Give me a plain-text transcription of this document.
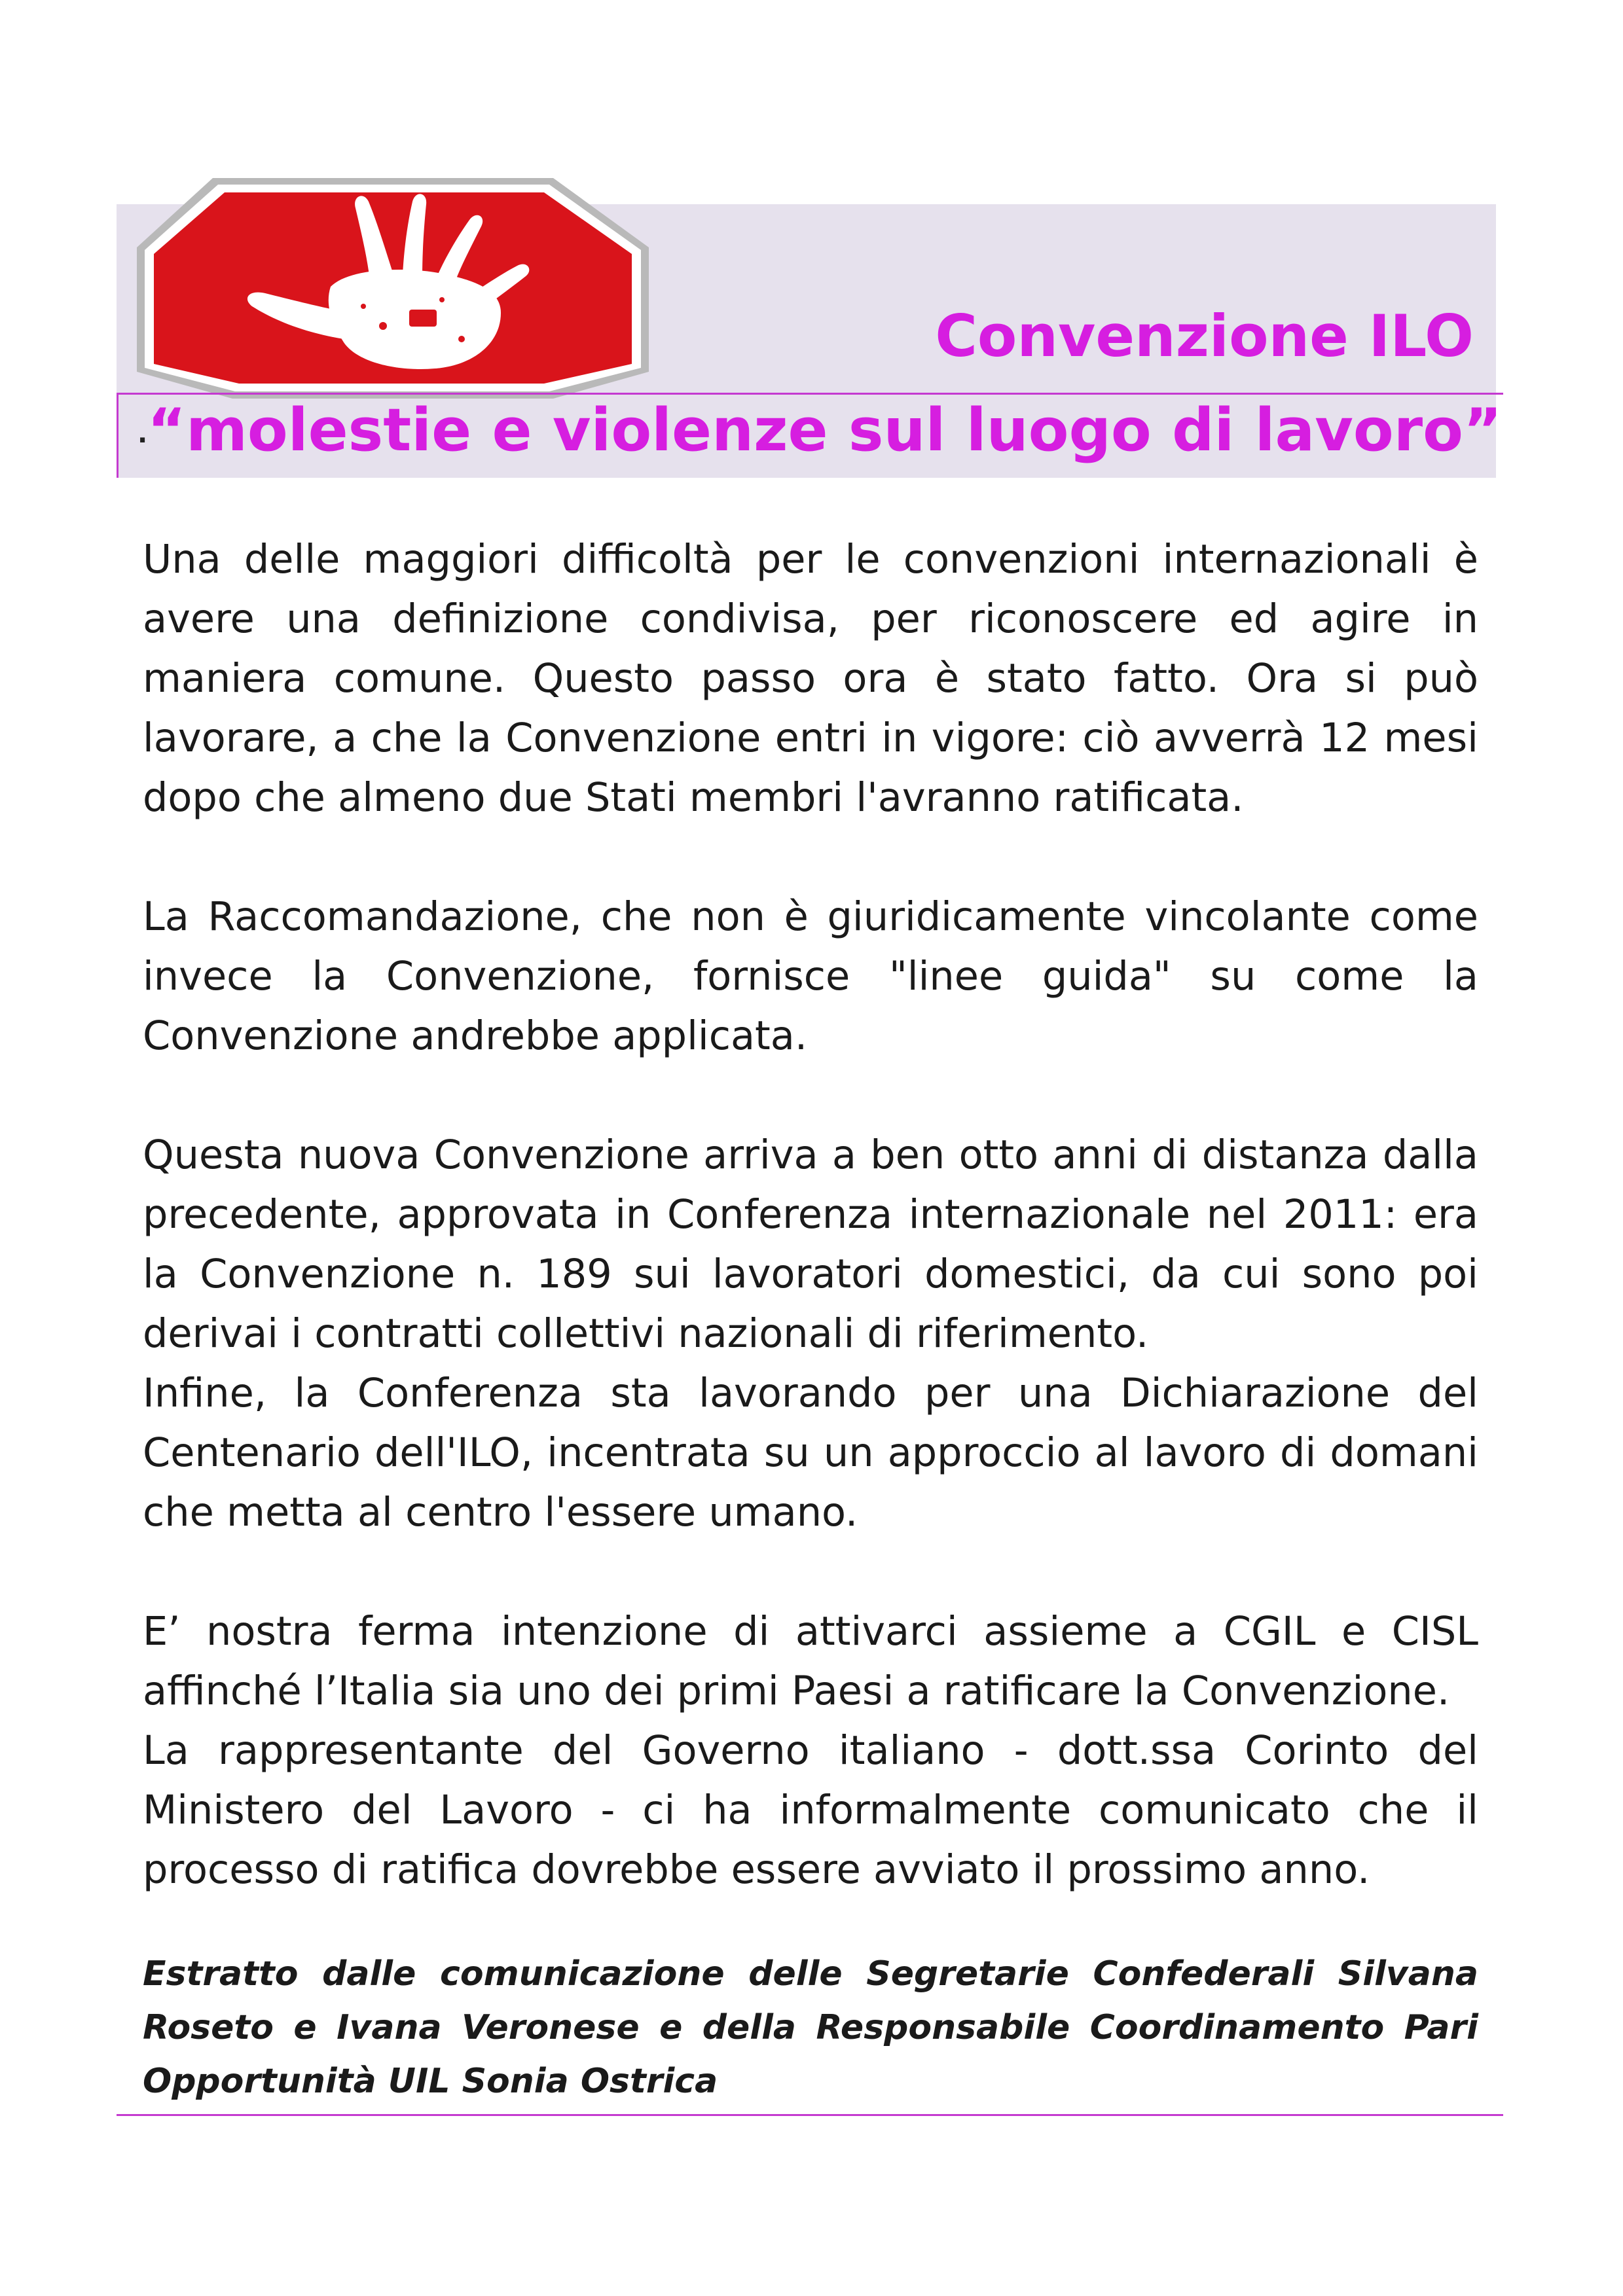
Convenzione ILO
. “molestie e violenze sul luogo di lavoro”

Una delle maggiori difficoltà per le convenzioni internazionali è avere una definizione condivisa, per riconoscere ed agire in maniera comune. Questo passo ora è stato fatto. Ora si può lavorare, a che la Convenzione entri in vigore: ciò avverrà 12 mesi dopo che almeno due Stati membri l'avranno ratificata.

La Raccomandazione, che non è giuridicamente vincolante come invece la Convenzione, fornisce "linee guida" su come la Convenzione andrebbe applicata.

Questa nuova Convenzione arriva a ben otto anni di distanza dalla precedente, approvata in Conferenza internazionale nel 2011: era la Convenzione n. 189 sui lavoratori domestici, da cui sono poi derivai i contratti collettivi nazionali di riferimento.

Infine, la Conferenza sta lavorando per una Dichiarazione del Centenario dell'ILO, incentrata su un approccio al lavoro di domani che metta al centro l'essere umano.

E’ nostra ferma intenzione di attivarci assieme a CGIL e CISL affinché l’Italia sia uno dei primi Paesi a ratificare la Convenzione.

La rappresentante del Governo italiano - dott.ssa Corinto del Ministero del Lavoro - ci ha informalmente comunicato che il processo di ratifica dovrebbe essere avviato il prossimo anno.

Estratto dalle comunicazione delle Segretarie Confederali Silvana Roseto e Ivana Veronese e della Responsabile Coordinamento Pari Opportunità UIL Sonia Ostrica
